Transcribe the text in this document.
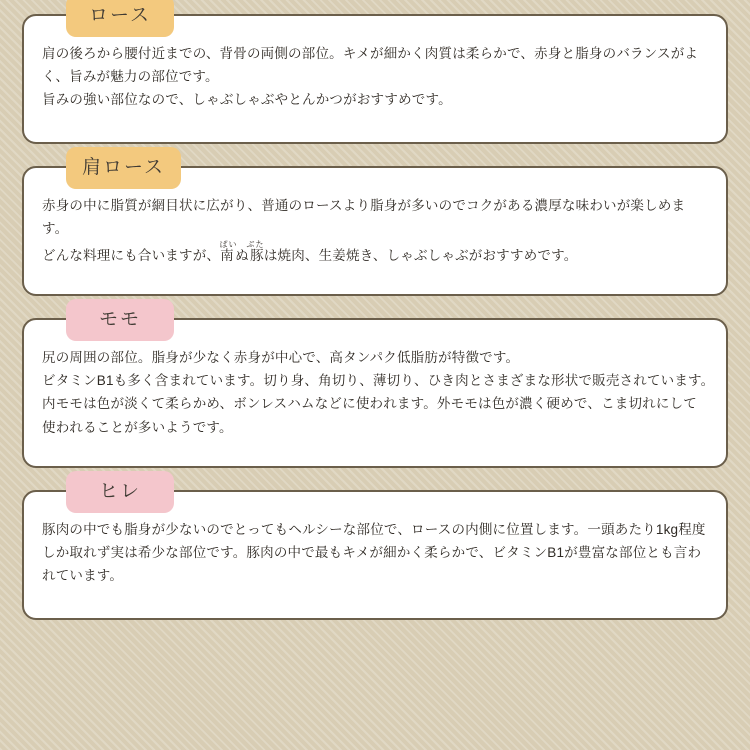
ロース

肩の後ろから腰付近までの、背骨の両側の部位。キメが細かく肉質は柔らかで、赤身と脂身のバランスがよく、旨みが魅力の部位です。

旨みの強い部位なので、しゃぶしゃぶやとんかつがおすすめです。

肩ロース

赤身の中に脂質が網目状に広がり、普通のロースより脂身が多いのでコクがある濃厚な味わいが楽しめます。

どんな料理にも合いますが、南ぬ豚ぱい　ぶたは焼肉、生姜焼き、しゃぶしゃぶがおすすめです。

モモ

尻の周囲の部位。脂身が少なく赤身が中心で、高タンパク低脂肪が特徴です。

ビタミンB1も多く含まれています。切り身、角切り、薄切り、ひき肉とさまざまな形状で販売されています。　内モモは色が淡くて柔らかめ、ボンレスハムなどに使われます。外モモは色が濃く硬めで、こま切れにして使われることが多いようです。

ヒレ

豚肉の中でも脂身が少ないのでとってもヘルシーな部位で、ロースの内側に位置します。一頭あたり1kg程度しか取れず実は希少な部位です。豚肉の中で最もキメが細かく柔らかで、ビタミンB1が豊富な部位とも言われています。
